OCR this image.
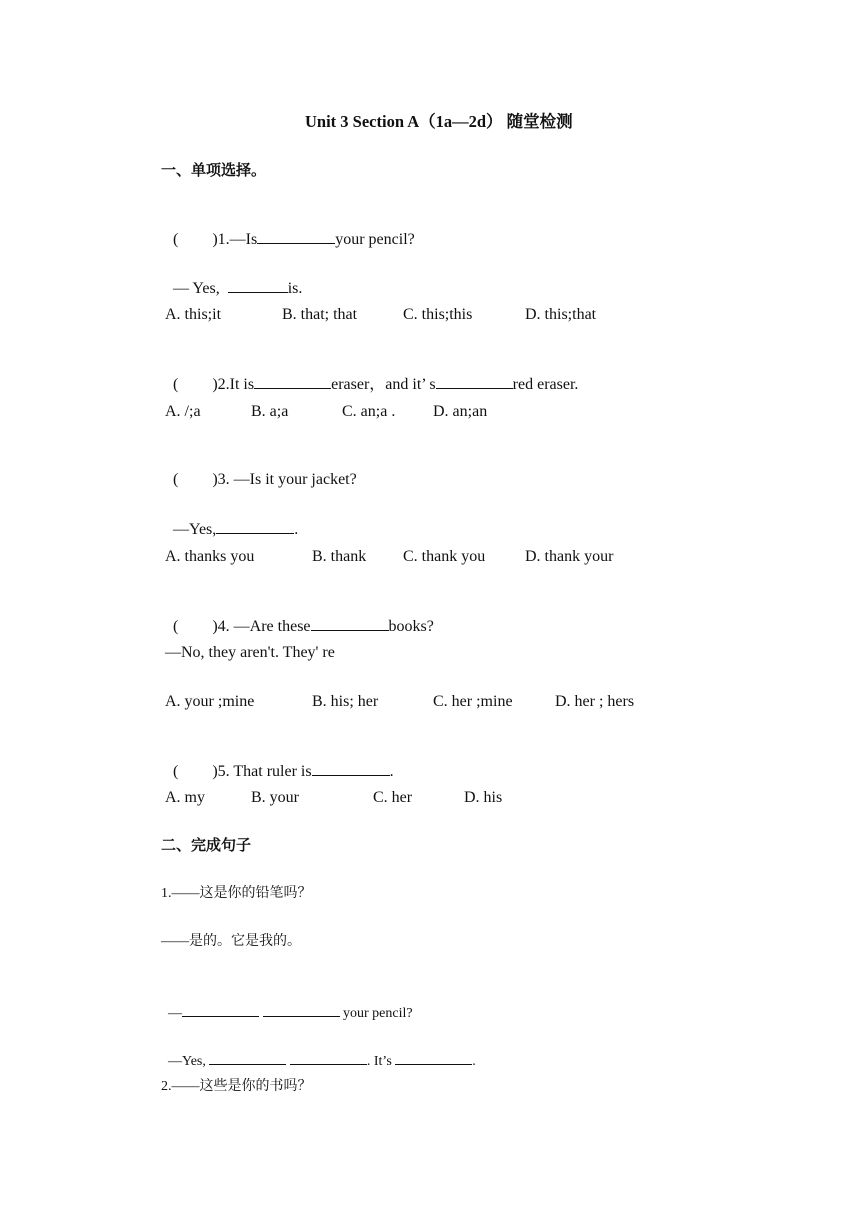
Unit 3 Section A（1a—2d） 随堂检测
一、单项选择。

( )1.—Is	your pencil?

— Yes,	is.

A. this;it	B. that; that	C. this;this	D. this;that

( )2.It is	eraser，and it’ s	red eraser.

A. /;a	B. a;a	C. an;a . D. an;an

( )3. —Is it your jacket?

—Yes,	.

A. thanks you	B. thank C. thank you D. thank your

( )4. —Are these	books?

—No, they aren't. They' re
A. your ;mine	B. his; her	C. her ;mine	D. her ; hers

( )5. That ruler is	.

A. my	B. your	C. her	D. his
二、完成句子
1.——这是你的铅笔吗？
——是的。它是我的。

—	your pencil?

—Yes,	. It’s	.

2.——这些是你的书吗？
